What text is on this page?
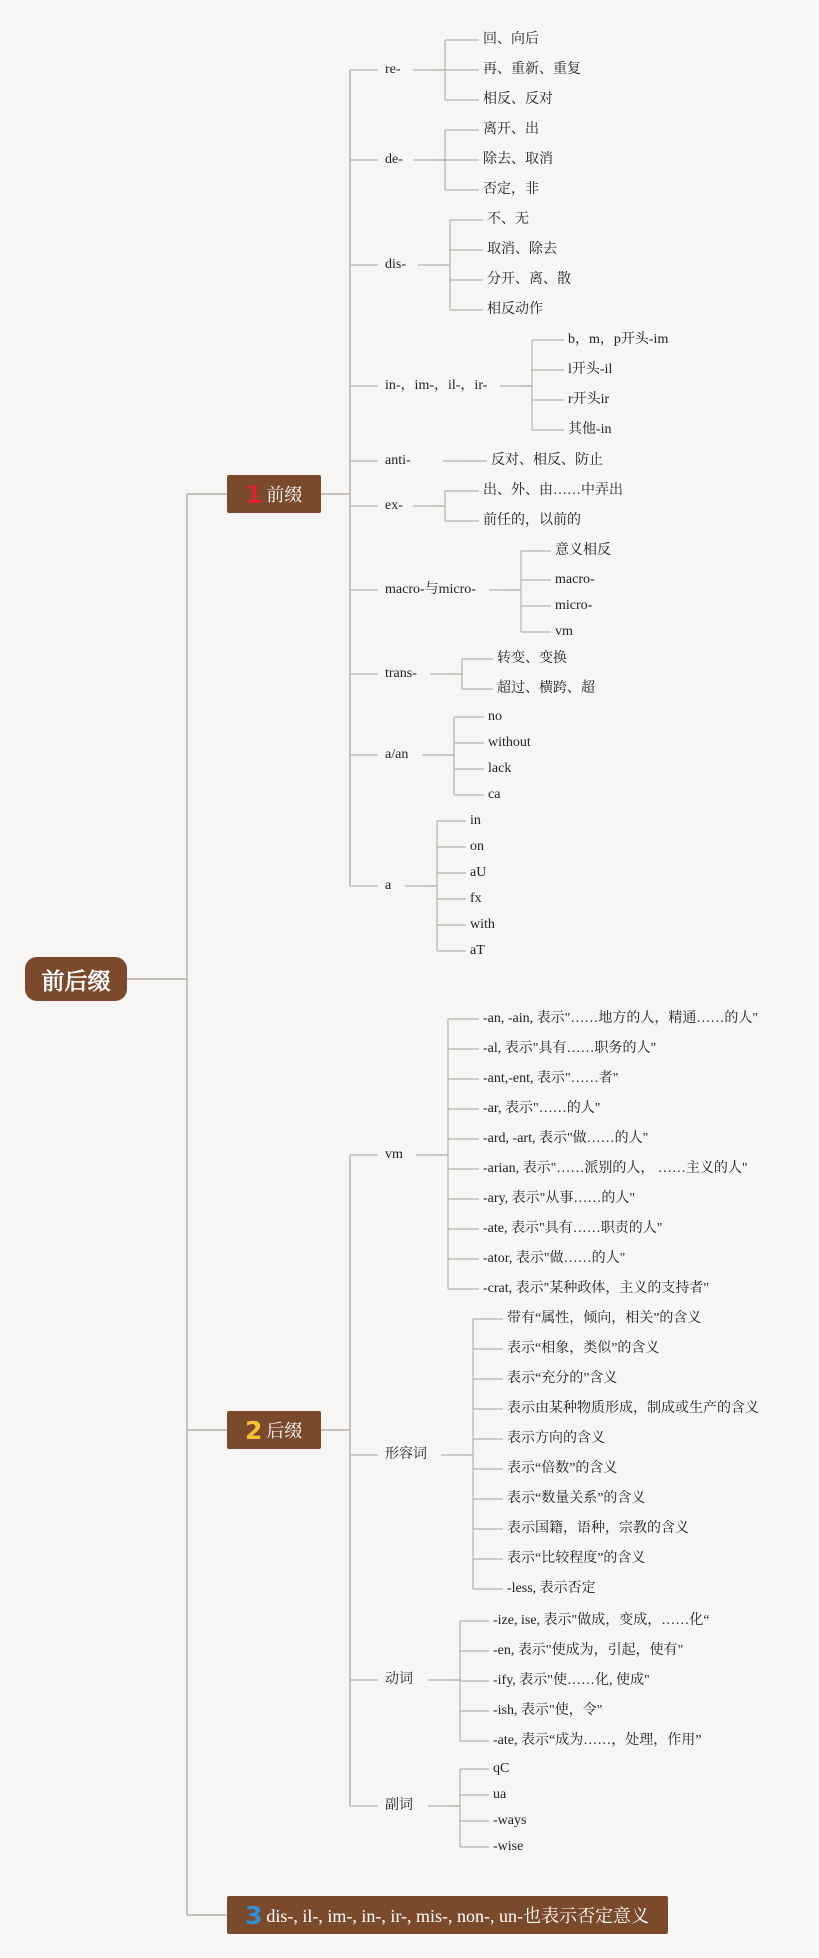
前后缀
1 前缀
2 后缀
3 dis-, il-, im-, in-, ir-, mis-, non-, un-也表示否定意义
re-
回、向后
再、重新、重复
相反、反对
de-
离开、出
除去、取消
否定，非
dis-
不、无
取消、除去
分开、离、散
相反动作
in-，im-，il-，ir-
b，m，p开头-im
l开头-il
r开头ir
其他-in
anti-	反对、相反、防止
ex-
出、外、由……中弄出
前任的，以前的
macro-与micro-
意义相反
macro-
micro-
vm
trans-
转变、变换
超过、横跨、超
a/an
no
without
lack
ca
a
in
on
aU
fx
with
aT
vm
-an, -ain, 表示"……地方的人，精通……的人"
-al, 表示"具有……职务的人"
-ant,-ent, 表示"……者"
-ar, 表示"……的人"
-ard, -art, 表示"做……的人"
-arian, 表示"……派别的人， ……主义的人"
-ary, 表示"从事……的人"
-ate, 表示"具有……职责的人"
-ator, 表示"做……的人"
-crat, 表示"某种政体，主义的支持者"
形容词
带有“属性，倾向，相关”的含义
表示“相象，类似”的含义
表示“充分的”含义
表示由某种物质形成，制成或生产的含义
表示方向的含义
表示“倍数”的含义
表示“数量关系”的含义
表示国籍，语种，宗教的含义
表示“比较程度”的含义
-less, 表示否定
动词
-ize, ise, 表示"做成，变成，……化“
-en, 表示"使成为，引起，使有"
-ify, 表示"使……化, 使成"
-ish, 表示"使，令"
-ate, 表示“成为……，处理，作用”
副词
qC
ua
-ways
-wise
